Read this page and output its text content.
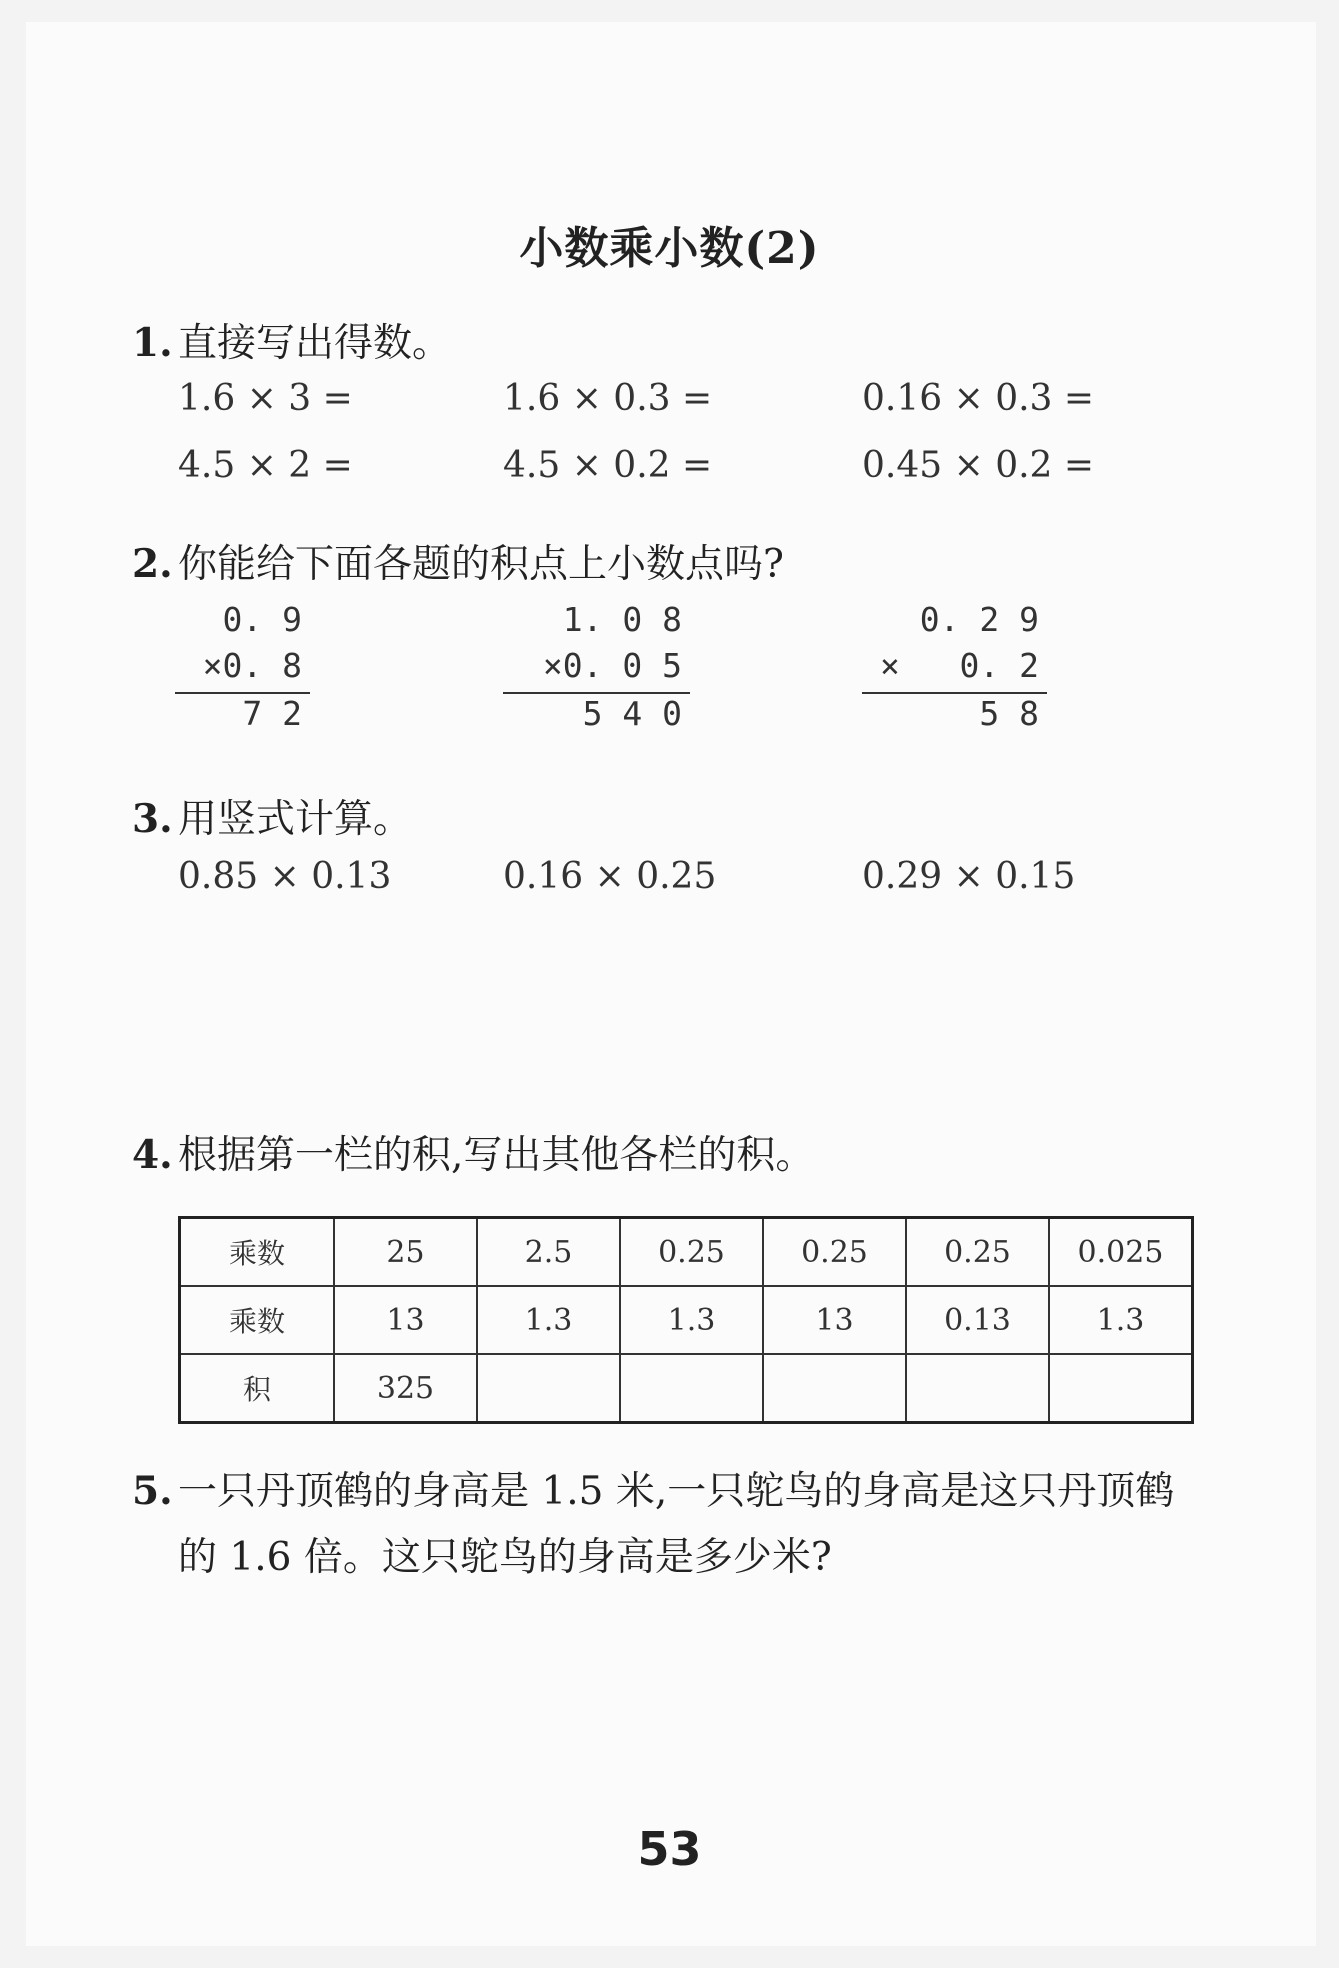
小数乘小数(2)
1. 直接写出得数。
1.6 × 3 =	1.6 × 0.3 =	0.16 × 0.3 =
4.5 × 2 =	4.5 × 0.2 =	0.45 × 0.2 =
2. 你能给下面各题的积点上小数点吗?
0. 9
×0. 8
7 2
1. 0 8
×0. 0 5
5 4 0
0. 2 9
×   0. 2
5 8
3. 用竖式计算。
0.85 × 0.13	0.16 × 0.25	0.29 × 0.15
4. 根据第一栏的积,写出其他各栏的积。
乘数	25	2.5	0.25	0.25	0.25	0.025
乘数	13	1.3	1.3	13	0.13	1.3
积	325					
5. 一只丹顶鹤的身高是 1.5 米,一只鸵鸟的身高是这只丹顶鹤
的 1.6 倍。这只鸵鸟的身高是多少米?
53
